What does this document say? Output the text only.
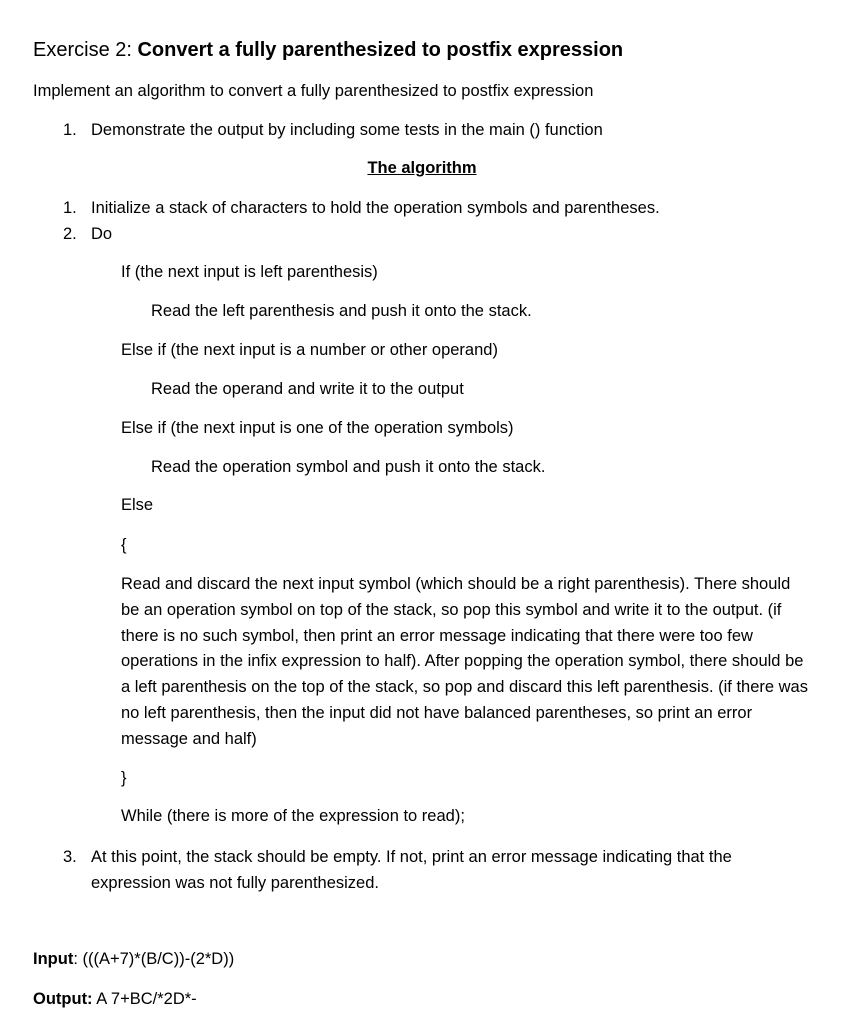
Exercise 2: Convert a fully parenthesized to postfix expression
Implement an algorithm to convert a fully parenthesized to postfix expression
1. Demonstrate the output by including some tests in the main () function
The algorithm
1. Initialize a stack of characters to hold the operation symbols and parentheses.
2. Do
If (the next input is left parenthesis)
Read the left parenthesis and push it onto the stack.
Else if (the next input is a number or other operand)
Read the operand and write it to the output
Else if (the next input is one of the operation symbols)
Read the operation symbol and push it onto the stack.
Else
{
Read and discard the next input symbol (which should be a right parenthesis). There should be an operation symbol on top of the stack, so pop this symbol and write it to the output. (if there is no such symbol, then print an error message indicating that there were too few operations in the infix expression to half). After popping the operation symbol, there should be a left parenthesis on the top of the stack, so pop and discard this left parenthesis. (if there was no left parenthesis, then the input did not have balanced parentheses, so print an error message and half)
}
While (there is more of the expression to read);
3. At this point, the stack should be empty. If not, print an error message indicating that the expression was not fully parenthesized.
Input: (((A+7)*(B/C))-(2*D))
Output: A 7+BC/*2D*-
